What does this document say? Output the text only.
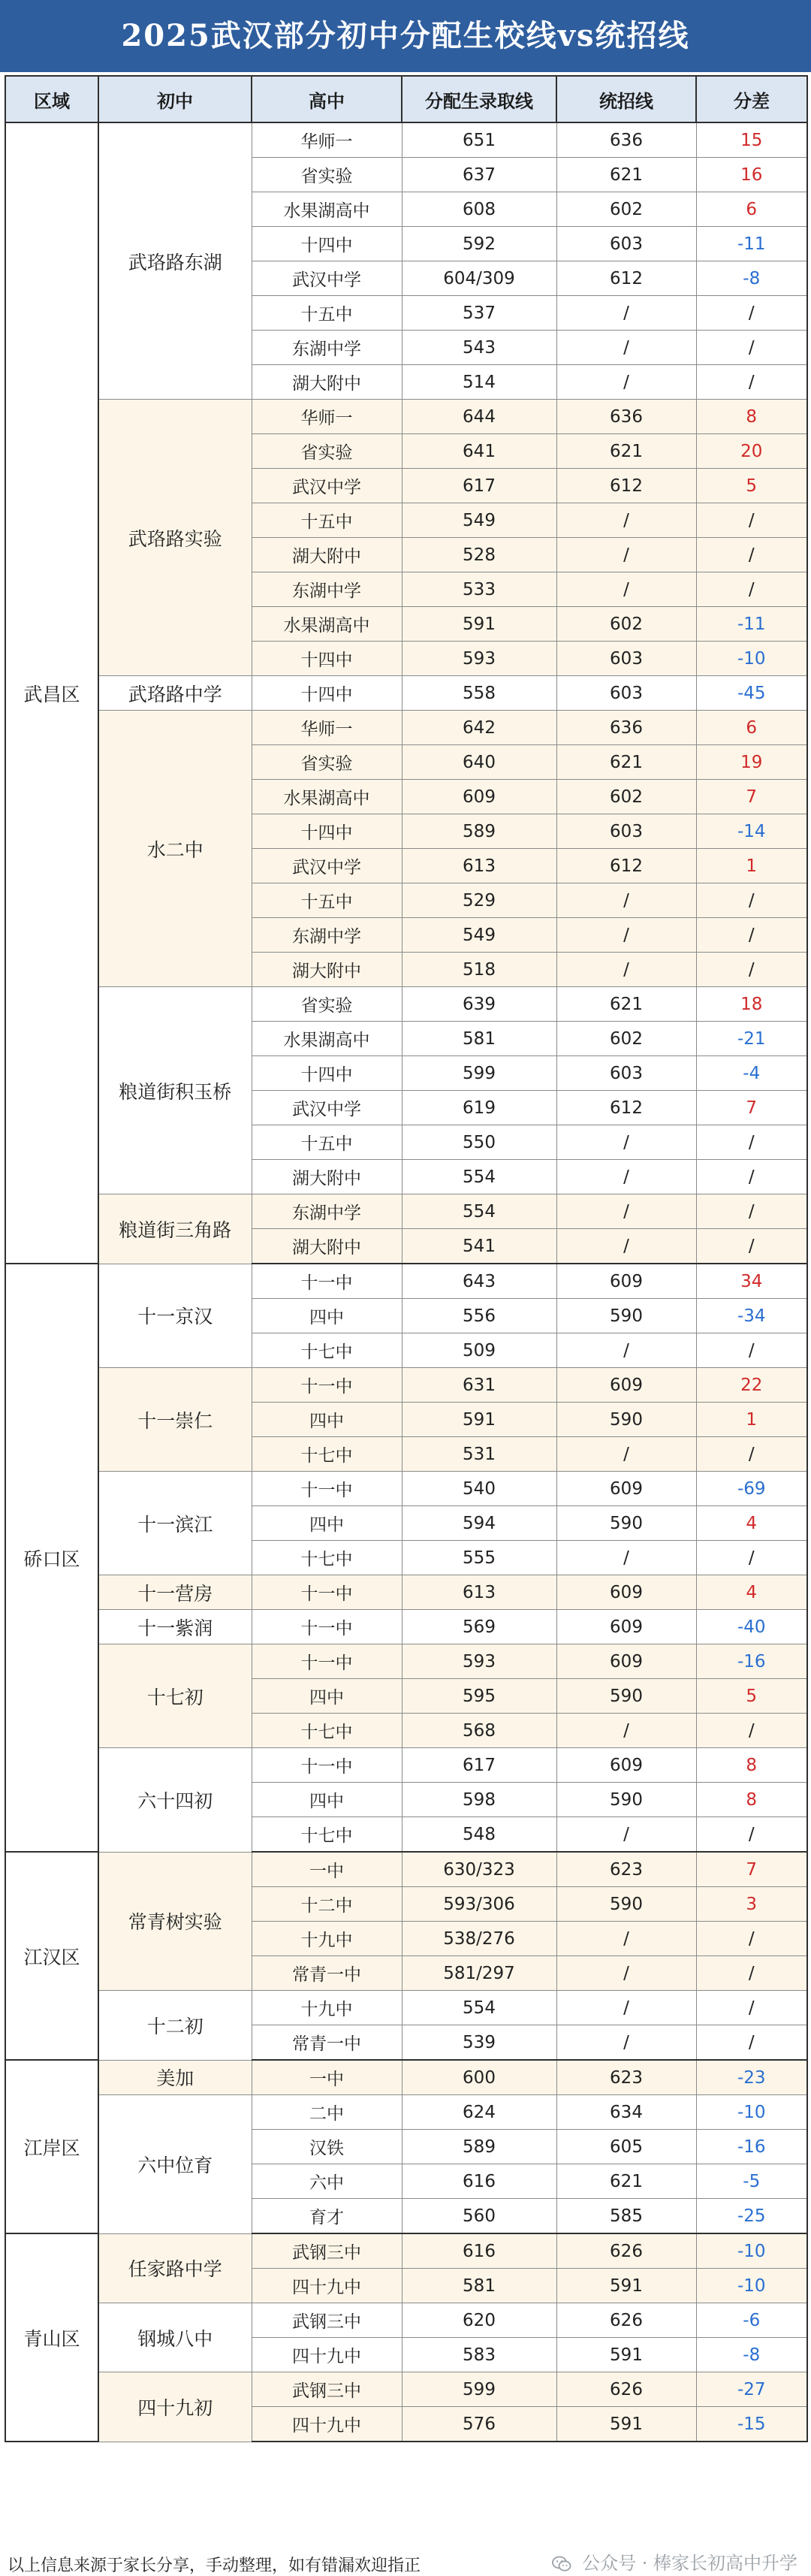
2025武汉部分初中分配生校线vs统招线
区域	初中	高中	分配生录取线	统招线	分差
武昌区	武珞路东湖	华师一	651	636	15
		省实验	637	621	16
		水果湖高中	608	602	6
		十四中	592	603	-11
		武汉中学	604/309	612	-8
		十五中	537	/	/
		东湖中学	543	/	/
		湖大附中	514	/	/
	武珞路实验	华师一	644	636	8
		省实验	641	621	20
		武汉中学	617	612	5
		十五中	549	/	/
		湖大附中	528	/	/
		东湖中学	533	/	/
		水果湖高中	591	602	-11
		十四中	593	603	-10
	武珞路中学	十四中	558	603	-45
	水二中	华师一	642	636	6
		省实验	640	621	19
		水果湖高中	609	602	7
		十四中	589	603	-14
		武汉中学	613	612	1
		十五中	529	/	/
		东湖中学	549	/	/
		湖大附中	518	/	/
	粮道街积玉桥	省实验	639	621	18
		水果湖高中	581	602	-21
		十四中	599	603	-4
		武汉中学	619	612	7
		十五中	550	/	/
		湖大附中	554	/	/
	粮道街三角路	东湖中学	554	/	/
		湖大附中	541	/	/
硚口区	十一京汉	十一中	643	609	34
		四中	556	590	-34
		十七中	509	/	/
	十一崇仁	十一中	631	609	22
		四中	591	590	1
		十七中	531	/	/
	十一滨江	十一中	540	609	-69
		四中	594	590	4
		十七中	555	/	/
	十一营房	十一中	613	609	4
	十一紫润	十一中	569	609	-40
	十七初	十一中	593	609	-16
		四中	595	590	5
		十七中	568	/	/
	六十四初	十一中	617	609	8
		四中	598	590	8
		十七中	548	/	/
江汉区	常青树实验	一中	630/323	623	7
		十二中	593/306	590	3
		十九中	538/276	/	/
		常青一中	581/297	/	/
	十二初	十九中	554	/	/
		常青一中	539	/	/
江岸区	美加	一中	600	623	-23
	六中位育	二中	624	634	-10
		汉铁	589	605	-16
		六中	616	621	-5
		育才	560	585	-25
青山区	任家路中学	武钢三中	616	626	-10
		四十九中	581	591	-10
	钢城八中	武钢三中	620	626	-6
		四十九中	583	591	-8
	四十九初	武钢三中	599	626	-27
		四十九中	576	591	-15
以上信息来源于家长分享，手动整理，如有错漏欢迎指正	公众号 · 棒家长初高中升学
